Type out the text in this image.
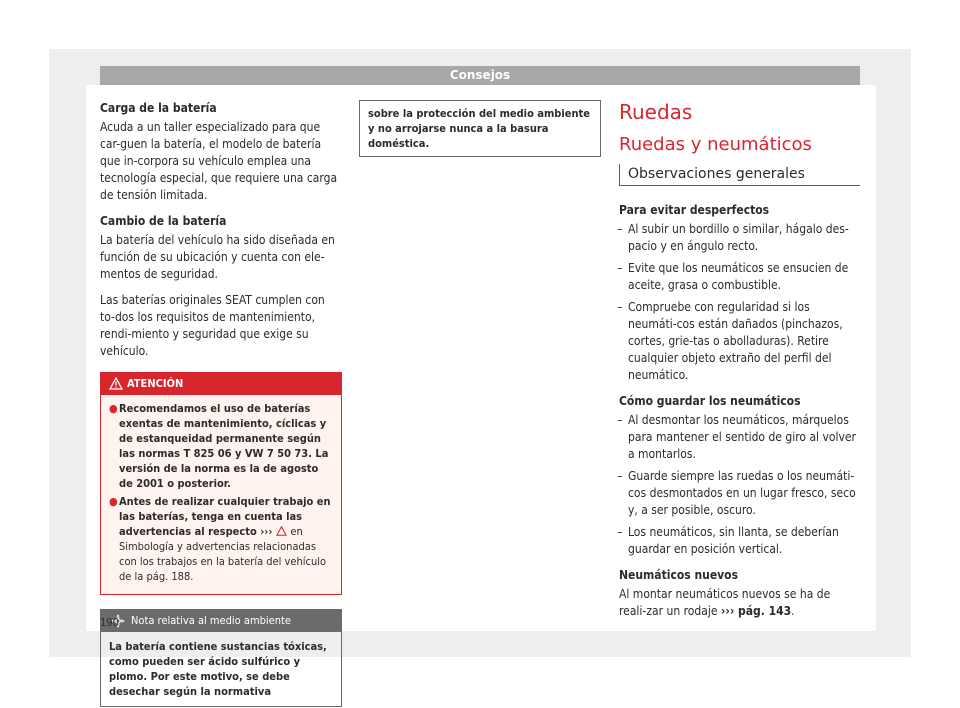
Consejos
Carga de la batería

Acuda a un taller especializado para que car-guen la batería, el modelo de batería que in-corpora su vehículo emplea una tecnología especial, que requiere una carga de tensión limitada.

Cambio de la batería

La batería del vehículo ha sido diseñada en función de su ubicación y cuenta con ele-mentos de seguridad.

Las baterías originales SEAT cumplen con to-dos los requisitos de mantenimiento, rendi-miento y seguridad que exige su vehículo.

ATENCIÓN
● Recomendamos el uso de baterías exentas de mantenimiento, cíclicas y de estanqueidad permanente según las normas T 825 06 y VW 7 50 73. La versión de la norma es la de agosto de 2001 o posterior.
● Antes de realizar cualquier trabajo en las baterías, tenga en cuenta las advertencias al respecto ›››  en Simbología y advertencias relacionadas con los trabajos en la batería del vehículo de la pág. 188.
Nota relativa al medio ambiente
La batería contiene sustancias tóxicas, como pueden ser ácido sulfúrico y plomo. Por este motivo, se debe desechar según la normativa
sobre la protección del medio ambiente y no arrojarse nunca a la basura doméstica.
Ruedas
Ruedas y neumáticos
Observaciones generales
Para evitar desperfectos
– Al subir un bordillo o similar, hágalo des-pacio y en ángulo recto.
– Evite que los neumáticos se ensucien de aceite, grasa o combustible.
– Compruebe con regularidad si los neumáti-cos están dañados (pinchazos, cortes, grie-tas o abolladuras). Retire cualquier objeto extraño del perfil del neumático.
Cómo guardar los neumáticos
– Al desmontar los neumáticos, márquelos para mantener el sentido de giro al volver a montarlos.
– Guarde siempre las ruedas o los neumáti-cos desmontados en un lugar fresco, seco y, a ser posible, oscuro.
– Los neumáticos, sin llanta, se deberían guardar en posición vertical.
Neumáticos nuevos

Al montar neumáticos nuevos se ha de reali-zar un rodaje ››› pág. 143.

190
